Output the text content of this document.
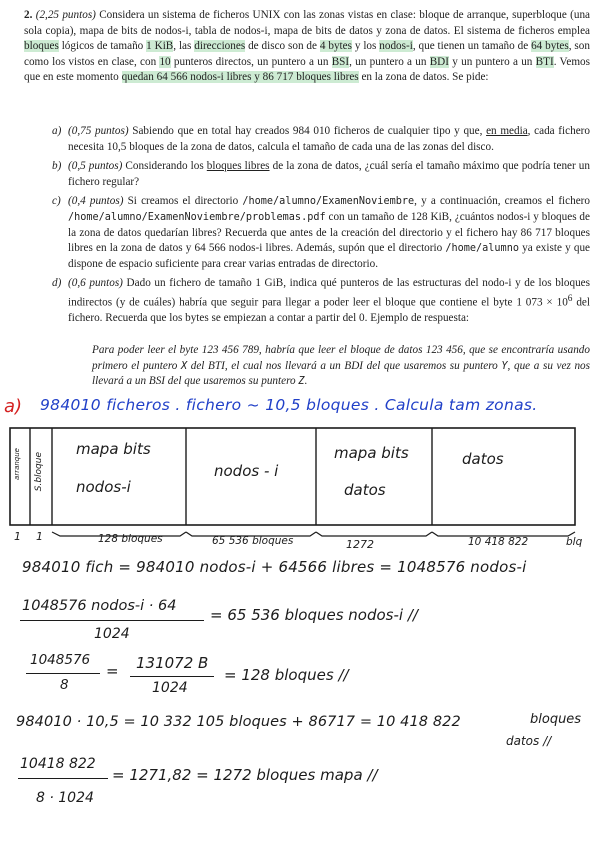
2. (2,25 puntos) Considera un sistema de ficheros UNIX con las zonas vistas en clase: bloque de arranque, superbloque (una sola copia), mapa de bits de nodos-i, tabla de nodos-i, mapa de bits de datos y zona de datos. El sistema de ficheros emplea bloques lógicos de tamaño 1 KiB, las direcciones de disco son de 4 bytes y los nodos-i, que tienen un tamaño de 64 bytes, son como los vistos en clase, con 10 punteros directos, un puntero a un BSI, un puntero a un BDI y un puntero a un BTI. Vemos que en este momento quedan 64 566 nodos-i libres y 86 717 bloques libres en la zona de datos. Se pide:
a) (0,75 puntos) Sabiendo que en total hay creados 984 010 ficheros de cualquier tipo y que, en media, cada fichero necesita 10,5 bloques de la zona de datos, calcula el tamaño de cada una de las zonas del disco.
b) (0,5 puntos) Considerando los bloques libres de la zona de datos, ¿cuál sería el tamaño máximo que podría tener un fichero regular?
c) (0,4 puntos) Si creamos el directorio /home/alumno/ExamenNoviembre, y a continuación, creamos el fichero /home/alumno/ExamenNoviembre/problemas.pdf con un tamaño de 128 KiB, ¿cuántos nodos-i y bloques de la zona de datos quedarían libres? Recuerda que antes de la creación del directorio y el fichero hay 86 717 bloques libres en la zona de datos y 64 566 nodos-i libres. Además, supón que el directorio /home/alumno ya existe y que dispone de espacio suficiente para crear varias entradas de directorio.
d) (0,6 puntos) Dado un fichero de tamaño 1 GiB, indica qué punteros de las estructuras del nodo-i y de los bloques indirectos (y de cuáles) habría que seguir para llegar a poder leer el bloque que contiene el byte 1 $073 \times 10^6$ del fichero. Recuerda que los bytes se empiezan a contar a partir del 0. Ejemplo de respuesta:
Para poder leer el byte 123 456 789, habría que leer el bloque de datos 123 456, que se encontraría usando primero el puntero X del BTI, el cual nos llevará a un BDI del que usaremos su puntero Y, que a su vez nos llevará a un BSI del que usaremos su puntero Z.
a) 984010 ficheros . fichero ~ 10,5 bloques . Calcula tam zonas.
arranque	S.bloque
mapa bits
nodos-i
nodos - i
mapa bits
datos
datos
1 1	128 bloques	65 536 bloques	1272	10 418 822	blq
984010 fich = 984010 nodos-i + 64566 libres = 1048576 nodos-i
1048576 nodos-i · 64
1024
= 65 536 bloques nodos-i //
1048576
8
= 131072 B
1024
= 128 bloques //
984010 · 10,5 = 10 332 105 bloques + 86717 = 10 418 822	bloques
datos //
10418 822
8 · 1024
= 1271,82 = 1272 bloques mapa //
